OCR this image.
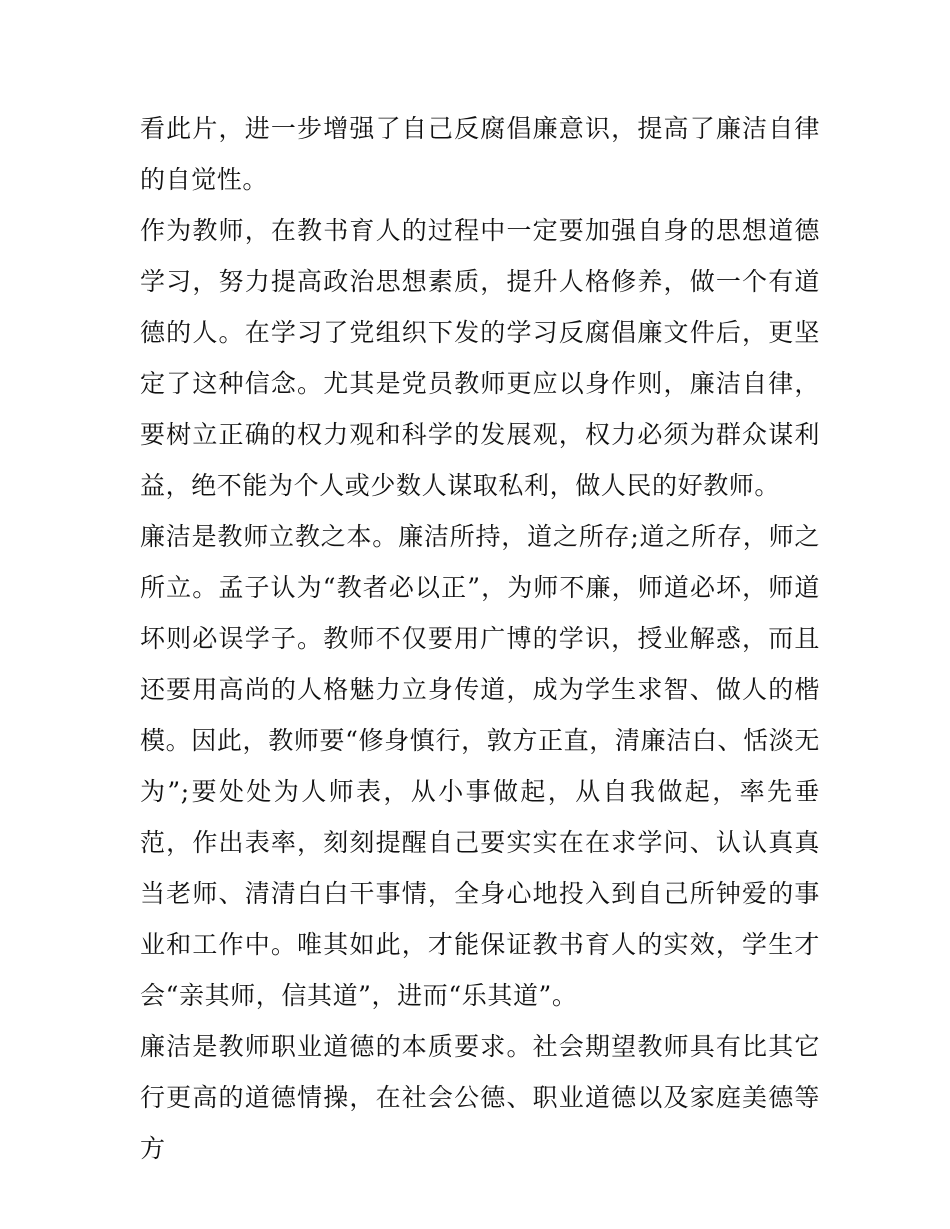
看此片，进一步增强了自己反腐倡廉意识，提高了廉洁自律的自觉性。

作为教师，在教书育人的过程中一定要加强自身的思想道德学习，努力提高政治思想素质，提升人格修养，做一个有道德的人。在学习了党组织下发的学习反腐倡廉文件后，更坚定了这种信念。尤其是党员教师更应以身作则，廉洁自律，要树立正确的权力观和科学的发展观，权力必须为群众谋利益，绝不能为个人或少数人谋取私利，做人民的好教师。

廉洁是教师立教之本。廉洁所持，道之所存;道之所存，师之所立。孟子认为“教者必以正”，为师不廉，师道必坏，师道坏则必误学子。教师不仅要用广博的学识，授业解惑，而且还要用高尚的人格魅力立身传道，成为学生求智、做人的楷模。因此，教师要“修身慎行，敦方正直，清廉洁白、恬淡无为”;要处处为人师表，从小事做起，从自我做起，率先垂范，作出表率，刻刻提醒自己要实实在在求学问、认认真真当老师、清清白白干事情，全身心地投入到自己所钟爱的事业和工作中。唯其如此，才能保证教书育人的实效，学生才会“亲其师，信其道”，进而“乐其道”。

廉洁是教师职业道德的本质要求。社会期望教师具有比其它行更高的道德情操，在社会公德、职业道德以及家庭美德等方
